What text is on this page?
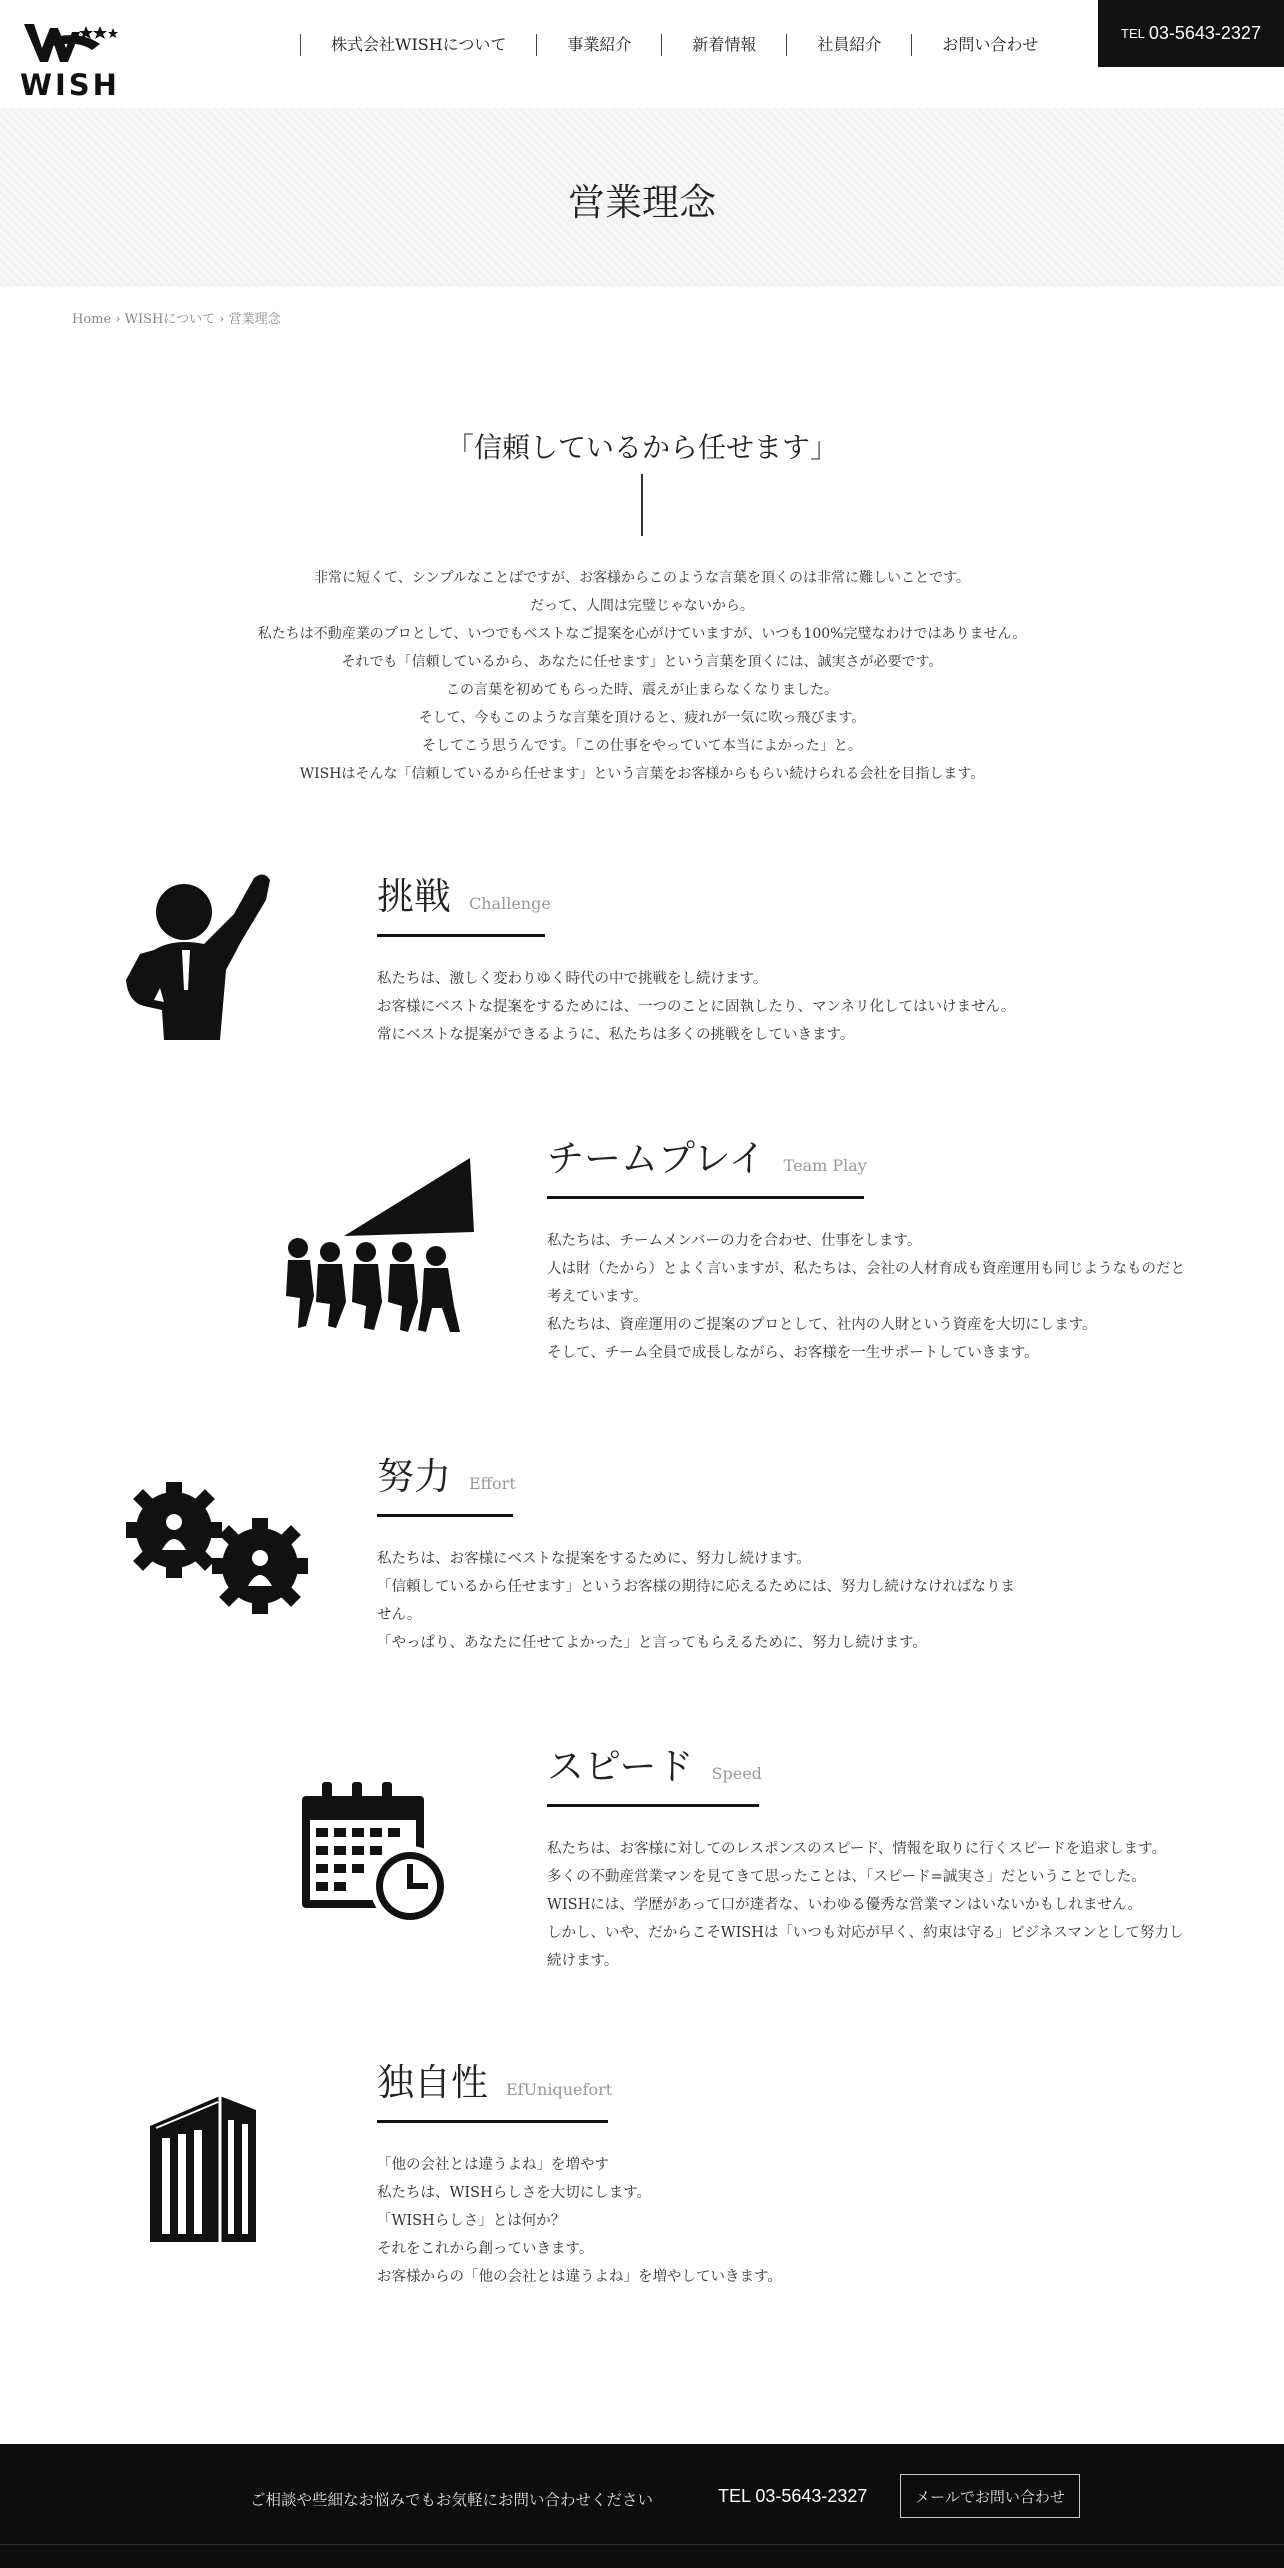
WISH
株式会社WISHについて	事業紹介	新着情報	社員紹介	お問い合わせ
TEL 03-5643-2327
営業理念
Home › WISHについて › 営業理念
「信頼しているから任せます」

非常に短くて、シンプルなことばですが、お客様からこのような言葉を頂くのは非常に難しいことです。

だって、人間は完璧じゃないから。

私たちは不動産業のプロとして、いつでもベストなご提案を心がけていますが、いつも100%完璧なわけではありません。

それでも「信頼しているから、あなたに任せます」という言葉を頂くには、誠実さが必要です。

この言葉を初めてもらった時、震えが止まらなくなりました。

そして、今もこのような言葉を頂けると、疲れが一気に吹っ飛びます。

そしてこう思うんです。「この仕事をやっていて本当によかった」と。

WISHはそんな「信頼しているから任せます」という言葉をお客様からもらい続けられる会社を目指します。

挑戦 Challenge

私たちは、激しく変わりゆく時代の中で挑戦をし続けます。

お客様にベストな提案をするためには、一つのことに固執したり、マンネリ化してはいけません。

常にベストな提案ができるように、私たちは多くの挑戦をしていきます。

チームプレイ Team Play

私たちは、チームメンバーの力を合わせ、仕事をします。

人は財（たから）とよく言いますが、私たちは、会社の人材育成も資産運用も同じようなものだと

考えています。

私たちは、資産運用のご提案のプロとして、社内の人財という資産を大切にします。

そして、チーム全員で成長しながら、お客様を一生サポートしていきます。

努力 Effort

私たちは、お客様にベストな提案をするために、努力し続けます。

「信頼しているから任せます」というお客様の期待に応えるためには、努力し続けなければなりま

せん。

「やっぱり、あなたに任せてよかった」と言ってもらえるために、努力し続けます。

スピード Speed

私たちは、お客様に対してのレスポンスのスピード、情報を取りに行くスピードを追求します。

多くの不動産営業マンを見てきて思ったことは、「スピード=誠実さ」だということでした。

WISHには、学歴があって口が達者な、いわゆる優秀な営業マンはいないかもしれません。

しかし、いや、だからこそWISHは「いつも対応が早く、約束は守る」ビジネスマンとして努力し

続けます。

独自性 EfUniquefort

「他の会社とは違うよね」を増やす

私たちは、WISHらしさを大切にします。

「WISHらしさ」とは何か？

それをこれから創っていきます。

お客様からの「他の会社とは違うよね」を増やしていきます。

ご相談や些細なお悩みでもお気軽にお問い合わせください	TEL 03-5643-2327	メールでお問い合わせ
